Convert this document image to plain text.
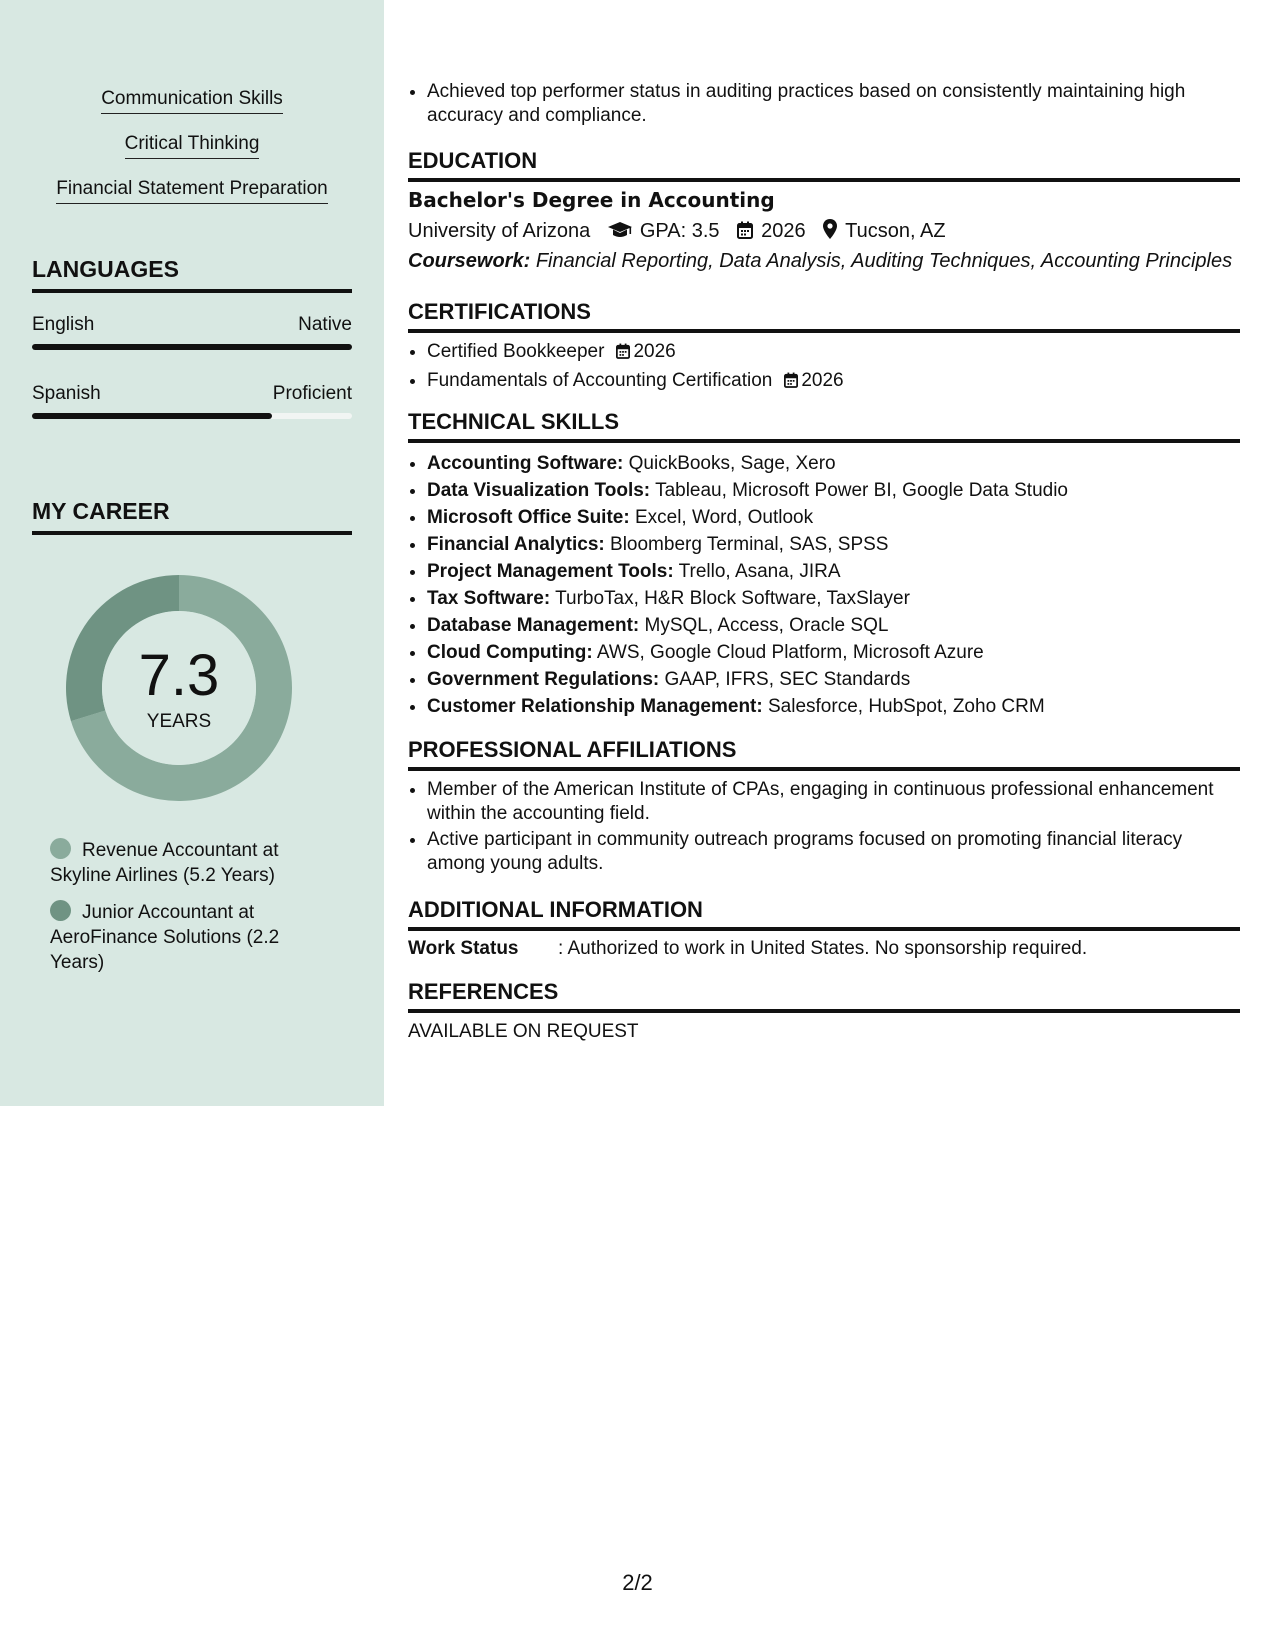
Communication Skills
Critical Thinking
Financial Statement Preparation
LANGUAGES
English	Native
Spanish	Proficient
MY CAREER
7.3
YEARS
Revenue Accountant at Skyline Airlines (5.2 Years)
Junior Accountant at AeroFinance Solutions (2.2 Years)
• Achieved top performer status in auditing practices based on consistently maintaining high accuracy and compliance.
EDUCATION
Bachelor's Degree in Accounting
University of Arizona GPA: 3.5 2026 Tucson, AZ
Coursework: Financial Reporting, Data Analysis, Auditing Techniques, Accounting Principles
CERTIFICATIONS
• Certified Bookkeeper 2026
• Fundamentals of Accounting Certification 2026
TECHNICAL SKILLS
• Accounting Software: QuickBooks, Sage, Xero
• Data Visualization Tools: Tableau, Microsoft Power BI, Google Data Studio
• Microsoft Office Suite: Excel, Word, Outlook
• Financial Analytics: Bloomberg Terminal, SAS, SPSS
• Project Management Tools: Trello, Asana, JIRA
• Tax Software: TurboTax, H&R Block Software, TaxSlayer
• Database Management: MySQL, Access, Oracle SQL
• Cloud Computing: AWS, Google Cloud Platform, Microsoft Azure
• Government Regulations: GAAP, IFRS, SEC Standards
• Customer Relationship Management: Salesforce, HubSpot, Zoho CRM
PROFESSIONAL AFFILIATIONS
• Member of the American Institute of CPAs, engaging in continuous professional enhancement within the accounting field.
• Active participant in community outreach programs focused on promoting financial literacy among young adults.
ADDITIONAL INFORMATION
Work Status : Authorized to work in United States. No sponsorship required.
REFERENCES
AVAILABLE ON REQUEST
2/2
